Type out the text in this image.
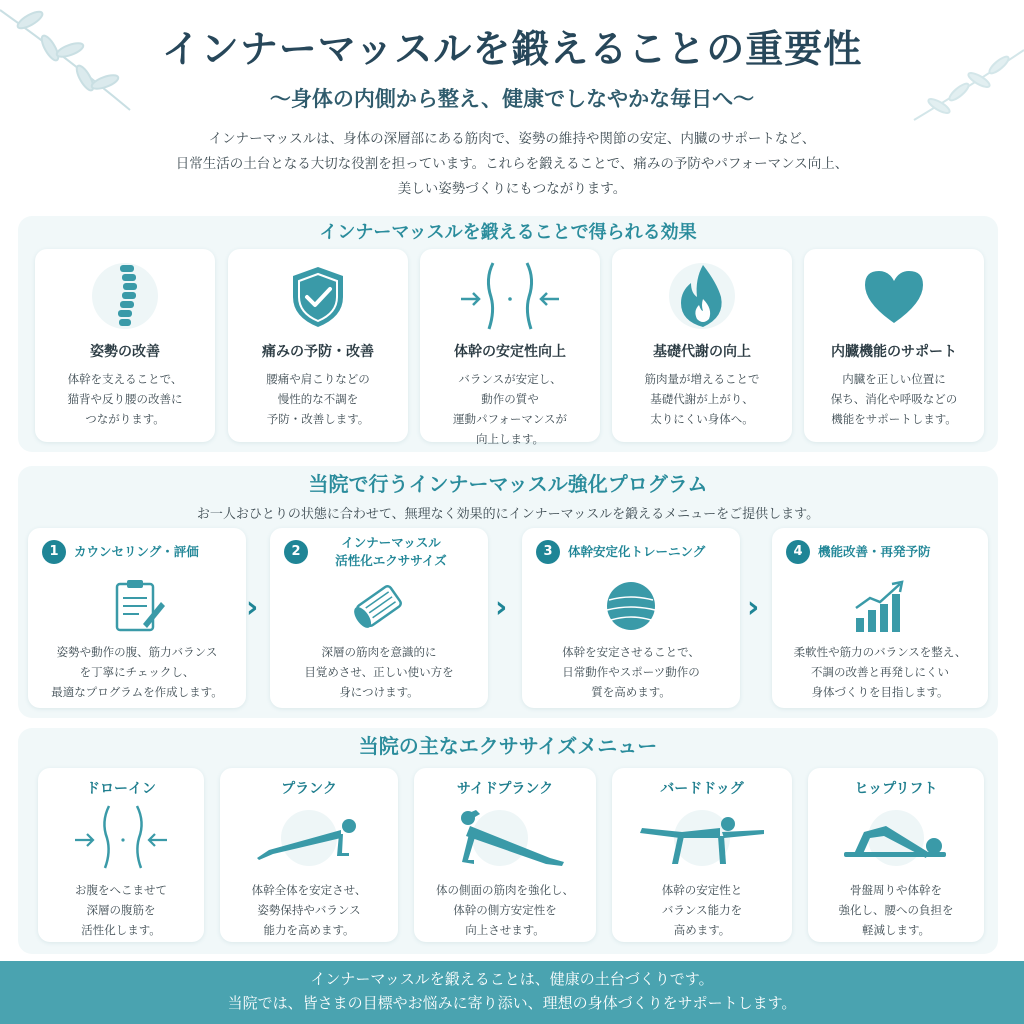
インナーマッスルを鍛えることの重要性
〜身体の内側から整え、健康でしなやかな毎日へ〜
インナーマッスルは、身体の深層部にある筋肉で、姿勢の維持や関節の安定、内臓のサポートなど、
日常生活の土台となる大切な役割を担っています。これらを鍛えることで、痛みの予防やパフォーマンス向上、
美しい姿勢づくりにもつながります。
インナーマッスルを鍛えることで得られる効果
姿勢の改善
体幹を支えることで、
猫背や反り腰の改善に
つながります。
痛みの予防・改善
腰痛や肩こりなどの
慢性的な不調を
予防・改善します。
体幹の安定性向上
バランスが安定し、
動作の質や
運動パフォーマンスが
向上します。
基礎代謝の向上
筋肉量が増えることで
基礎代謝が上がり、
太りにくい身体へ。
内臓機能のサポート
内臓を正しい位置に
保ち、消化や呼吸などの
機能をサポートします。
当院で行うインナーマッスル強化プログラム
お一人おひとりの状態に合わせて、無理なく効果的にインナーマッスルを鍛えるメニューをご提供します。
1	カウンセリング・評価
姿勢や動作の腹、筋力バランス
を丁寧にチェックし、
最適なプログラムを作成します。
›
2
インナーマッスル
活性化エクササイズ
深層の筋肉を意識的に
目覚めさせ、正しい使い方を
身につけます。
›
3	体幹安定化トレーニング
体幹を安定させることで、
日常動作やスポーツ動作の
質を高めます。
›
4	機能改善・再発予防
柔軟性や筋力のバランスを整え、
不調の改善と再発しにくい
身体づくりを目指します。
当院の主なエクササイズメニュー
ドローイン
お腹をへこませて
深層の腹筋を
活性化します。
プランク
体幹全体を安定させ、
姿勢保持やバランス
能力を高めます。
サイドプランク
体の側面の筋肉を強化し、
体幹の側方安定性を
向上させます。
バードドッグ
体幹の安定性と
バランス能力を
高めます。
ヒップリフト
骨盤周りや体幹を
強化し、腰への負担を
軽減します。
インナーマッスルを鍛えることは、健康の土台づくりです。
当院では、皆さまの目標やお悩みに寄り添い、理想の身体づくりをサポートします。
